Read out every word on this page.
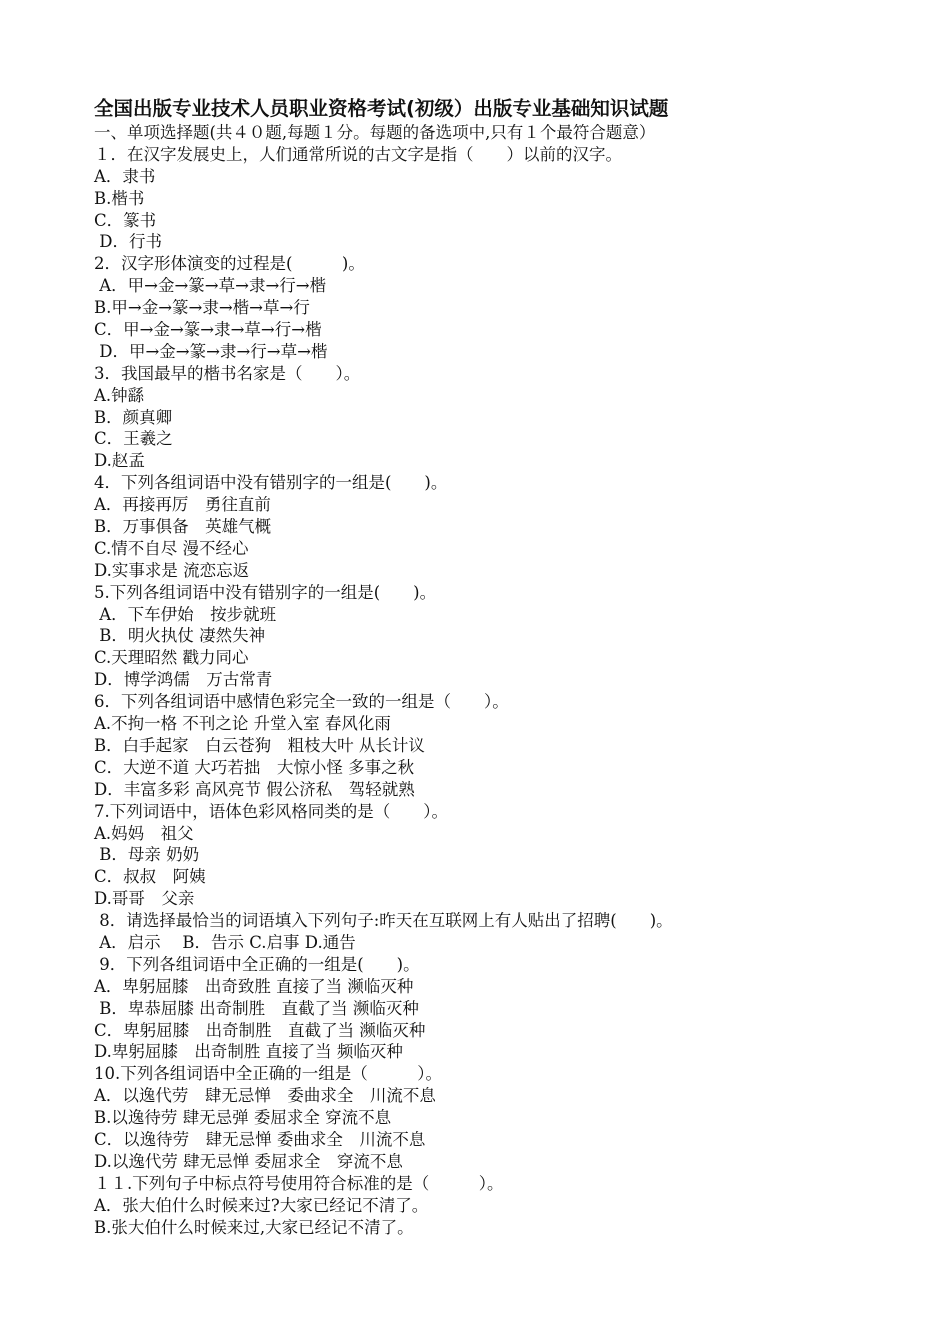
全国出版专业技术人员职业资格考试(初级）出版专业基础知识试题
一、单项选择题(共４０题,每题１分。每题的备选项中,只有１个最符合题意）
１．在汉字发展史上，人们通常所说的古文字是指（　　）以前的汉字。
A．隶书
B.楷书
C．篆书
D．行书
2．汉字形体演变的过程是(　　　)。
A．甲→金→篆→草→隶→行→楷
B.甲→金→篆→隶→楷→草→行
C．甲→金→篆→隶→草→行→楷
D．甲→金→篆→隶→行→草→楷
3．我国最早的楷书名家是（　　）。
A.钟繇
B．颜真卿
C．王羲之
D.赵孟
4．下列各组词语中没有错别字的一组是(　　)。
A．再接再厉　勇往直前
B．万事俱备　英雄气概
C.情不自尽 漫不经心
D.实事求是 流恋忘返
5.下列各组词语中没有错别字的一组是(　　)。
A．下车伊始　按步就班
B．明火执仗 凄然失神
C.天理昭然 戳力同心
D．博学鸿儒　万古常青
6．下列各组词语中感情色彩完全一致的一组是（　　）。
A.不拘一格 不刊之论 升堂入室 春风化雨
B．白手起家　白云苍狗　粗枝大叶 从长计议
C．大逆不道 大巧若拙　大惊小怪 多事之秋
D．丰富多彩 高风亮节 假公济私　驾轻就熟
7.下列词语中，语体色彩风格同类的是（　　）。
A.妈妈　祖父
B．母亲 奶奶
C．叔叔　阿姨
D.哥哥　父亲
8．请选择最恰当的词语填入下列句子:昨天在互联网上有人贴出了招聘(　　)。
A．启示　 B．告示 C.启事 D.通告
9．下列各组词语中全正确的一组是(　　)。
A．卑躬屈膝　出奇致胜 直接了当 濒临灭种
B．卑恭屈膝 出奇制胜　直截了当 濒临灭种
C．卑躬屈膝　出奇制胜　直截了当 濒临灭种
D.卑躬屈膝　出奇制胜 直接了当 频临灭种
10.下列各组词语中全正确的一组是（　　　）。
A．以逸代劳　肆无忌惮　委曲求全　川流不息
B.以逸待劳 肆无忌弹 委屈求全 穿流不息
C．以逸待劳　肆无忌惮 委曲求全　川流不息
D.以逸代劳 肆无忌惮 委屈求全　穿流不息
１１.下列句子中标点符号使用符合标准的是（　　　）。
A．张大伯什么时候来过?大家已经记不清了。
B.张大伯什么时候来过,大家已经记不清了。
